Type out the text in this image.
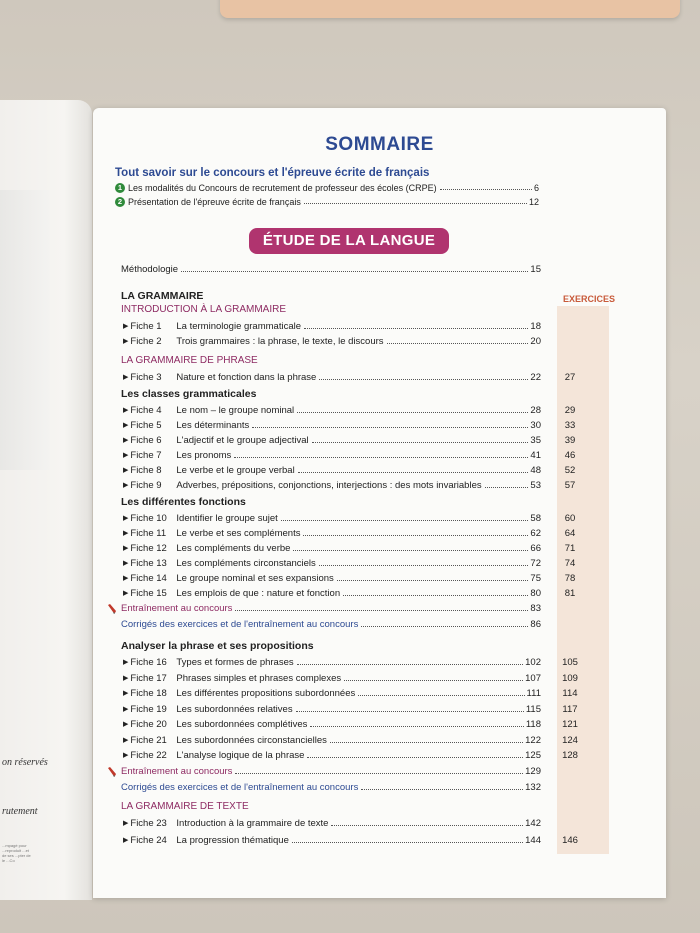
on réservés
rutement
...mpagé pour ...reproduit ...et de ses ...pter de le ...Co
EXERCICES
SOMMAIRE
Tout savoir sur le concours et l'épreuve écrite de français
1 Les modalités du Concours de recrutement de professeur des écoles (CRPE)	6
2 Présentation de l'épreuve écrite de français	12
ÉTUDE DE LA LANGUE
Méthodologie	15
LA GRAMMAIRE
INTRODUCTION À LA GRAMMAIRE
▶ Fiche 1 La terminologie grammaticale	18
▶ Fiche 2 Trois grammaires : la phrase, le texte, le discours	20
LA GRAMMAIRE DE PHRASE
▶ Fiche 3 Nature et fonction dans la phrase	22	27
Les classes grammaticales
▶ Fiche 4 Le nom – le groupe nominal	28	29
▶ Fiche 5 Les déterminants	30	33
▶ Fiche 6 L'adjectif et le groupe adjectival	35	39
▶ Fiche 7 Les pronoms	41	46
▶ Fiche 8 Le verbe et le groupe verbal	48	52
▶ Fiche 9 Adverbes, prépositions, conjonctions, interjections : des mots invariables	53	57
Les différentes fonctions
▶ Fiche 10 Identifier le groupe sujet	58	60
▶ Fiche 11 Le verbe et ses compléments	62	64
▶ Fiche 12 Les compléments du verbe	66	71
▶ Fiche 13 Les compléments circonstanciels	72	74
▶ Fiche 14 Le groupe nominal et ses expansions	75	78
▶ Fiche 15 Les emplois de que : nature et fonction	80	81
Entraînement au concours	83
Corrigés des exercices et de l'entraînement au concours	86
Analyser la phrase et ses propositions
▶ Fiche 16 Types et formes de phrases	102	105
▶ Fiche 17 Phrases simples et phrases complexes	107	109
▶ Fiche 18 Les différentes propositions subordonnées	111	114
▶ Fiche 19 Les subordonnées relatives	115	117
▶ Fiche 20 Les subordonnées complétives	118	121
▶ Fiche 21 Les subordonnées circonstancielles	122	124
▶ Fiche 22 L'analyse logique de la phrase	125	128
Entraînement au concours	129
Corrigés des exercices et de l'entraînement au concours	132
LA GRAMMAIRE DE TEXTE
▶ Fiche 23 Introduction à la grammaire de texte	142
▶ Fiche 24 La progression thématique	144	146
